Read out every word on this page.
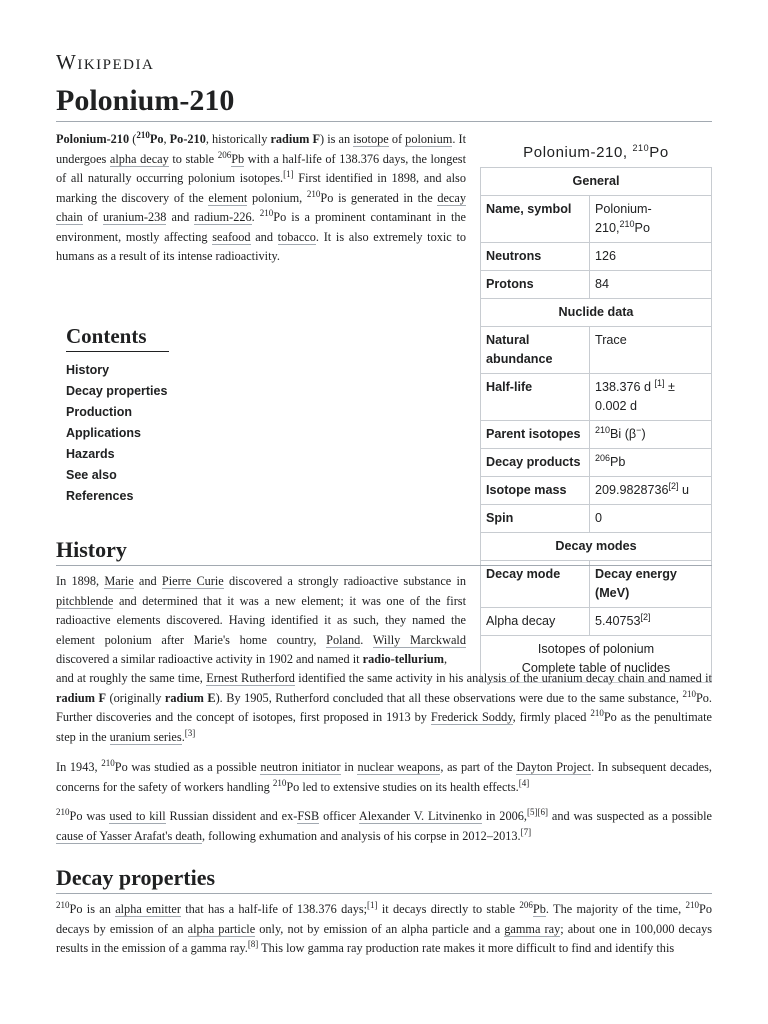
Wikipedia
Polonium-210

Polonium-210 ($^{210}$Po, Po-210, historically radium F) is an isotope of polonium. It undergoes alpha decay to stable $^{206}$Pb with a half-life of 138.376 days, the longest of all naturally occurring polonium isotopes.[1] First identified in 1898, and also marking the discovery of the element polonium, $^{210}$Po is generated in the decay chain of uranium-238 and radium-226. $^{210}$Po is a prominent contaminant in the environment, mostly affecting seafood and tobacco. It is also extremely toxic to humans as a result of its intense radioactivity.

Contents
History
Decay properties
Production
Applications
Hazards
See also
References
Polonium-210, $^{210}$Po
General	
Name, symbol	Polonium-210,$^{210}$Po
Neutrons	126
Protons	84
Nuclide data	
Natural abundance	Trace
Half-life	138.376 d [1] ± 0.002 d
Parent isotopes	$^{210}$Bi (β−)
Decay products	$^{206}$Pb
Isotope mass	209.9828736[2] u
Spin	0
Decay modes	
Decay mode	Decay energy (MeV)
Alpha decay	5.40753[2]

Isotopes of polonium
Complete table of nuclides	
History

In 1898, Marie and Pierre Curie discovered a strongly radioactive substance in pitchblende and determined that it was a new element; it was one of the first radioactive elements discovered. Having identified it as such, they named the element polonium after Marie's home country, Poland. Willy Marckwald discovered a similar radioactive activity in 1902 and named it radio-tellurium,

and at roughly the same time, Ernest Rutherford identified the same activity in his analysis of the uranium decay chain and named it radium F (originally radium E). By 1905, Rutherford concluded that all these observations were due to the same substance, $^{210}$Po. Further discoveries and the concept of isotopes, first proposed in 1913 by Frederick Soddy, firmly placed $^{210}$Po as the penultimate step in the uranium series.[3]

In 1943, $^{210}$Po was studied as a possible neutron initiator in nuclear weapons, as part of the Dayton Project. In subsequent decades, concerns for the safety of workers handling $^{210}$Po led to extensive studies on its health effects.[4]

$^{210}$Po was used to kill Russian dissident and ex-FSB officer Alexander V. Litvinenko in 2006,[5][6] and was suspected as a possible cause of Yasser Arafat's death, following exhumation and analysis of his corpse in 2012–2013.[7]

Decay properties

$^{210}$Po is an alpha emitter that has a half-life of 138.376 days;[1] it decays directly to stable $^{206}$Pb. The majority of the time, $^{210}$Po decays by emission of an alpha particle only, not by emission of an alpha particle and a gamma ray; about one in 100,000 decays results in the emission of a gamma ray.[8] This low gamma ray production rate makes it more difficult to find and identify this
